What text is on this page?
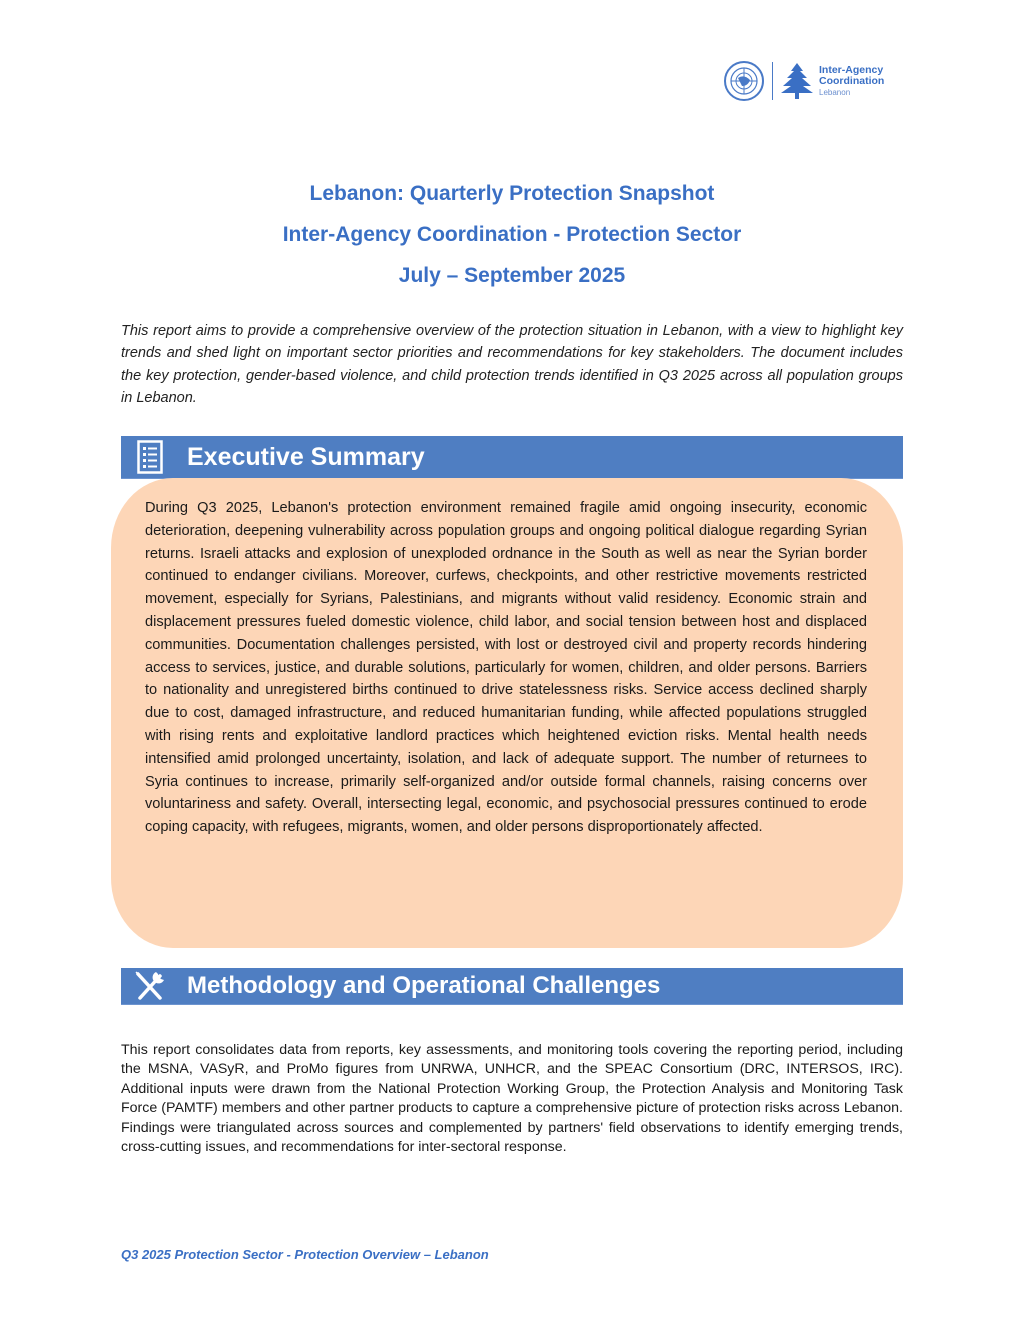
Inter-Agency
Coordination
Lebanon
Lebanon: Quarterly Protection Snapshot
Inter-Agency Coordination - Protection Sector
July – September 2025

This report aims to provide a comprehensive overview of the protection situation in Lebanon, with a view to highlight key trends and shed light on important sector priorities and recommendations for key stakeholders. The document includes the key protection, gender-based violence, and child protection trends identified in Q3 2025 across all population groups in Lebanon.

Executive Summary

During Q3 2025, Lebanon's protection environment remained fragile amid ongoing insecurity, economic deterioration, deepening vulnerability across population groups and ongoing political dialogue regarding Syrian returns. Israeli attacks and explosion of unexploded ordnance in the South as well as near the Syrian border continued to endanger civilians. Moreover, curfews, checkpoints, and other restrictive movements restricted movement, especially for Syrians, Palestinians, and migrants without valid residency. Economic strain and displacement pressures fueled domestic violence, child labor, and social tension between host and displaced communities. Documentation challenges persisted, with lost or destroyed civil and property records hindering access to services, justice, and durable solutions, particularly for women, children, and older persons. Barriers to nationality and unregistered births continued to drive statelessness risks. Service access declined sharply due to cost, damaged infrastructure, and reduced humanitarian funding, while affected populations struggled with rising rents and exploitative landlord practices which heightened eviction risks. Mental health needs intensified amid prolonged uncertainty, isolation, and lack of adequate support. The number of returnees to Syria continues to increase, primarily self-organized and/or outside formal channels, raising concerns over voluntariness and safety. Overall, intersecting legal, economic, and psychosocial pressures continued to erode coping capacity, with refugees, migrants, women, and older persons disproportionately affected.

Methodology and Operational Challenges

This report consolidates data from reports, key assessments, and monitoring tools covering the reporting period, including the MSNA, VASyR, and ProMo figures from UNRWA, UNHCR, and the SPEAC Consortium (DRC, INTERSOS, IRC). Additional inputs were drawn from the National Protection Working Group, the Protection Analysis and Monitoring Task Force (PAMTF) members and other partner products to capture a comprehensive picture of protection risks across Lebanon. Findings were triangulated across sources and complemented by partners' field observations to identify emerging trends, cross-cutting issues, and recommendations for inter-sectoral response.

Q3 2025 Protection Sector - Protection Overview – Lebanon
